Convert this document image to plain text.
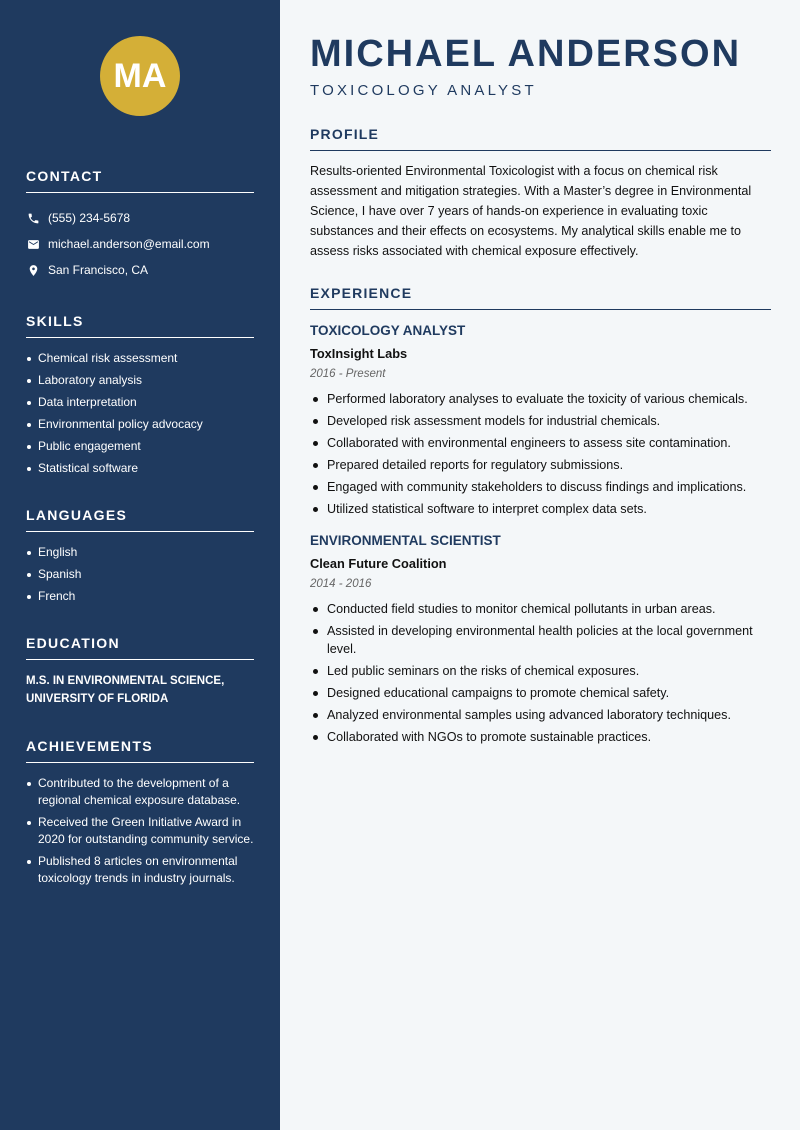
MA
CONTACT
(555) 234-5678
michael.anderson@email.com
San Francisco, CA
SKILLS
Chemical risk assessment
Laboratory analysis
Data interpretation
Environmental policy advocacy
Public engagement
Statistical software
LANGUAGES
English
Spanish
French
EDUCATION
M.S. IN ENVIRONMENTAL SCIENCE,
UNIVERSITY OF FLORIDA
ACHIEVEMENTS
Contributed to the development of a regional chemical exposure database.
Received the Green Initiative Award in 2020 for outstanding community service.
Published 8 articles on environmental toxicology trends in industry journals.
MICHAEL ANDERSON
TOXICOLOGY ANALYST
PROFILE

Results-oriented Environmental Toxicologist with a focus on chemical risk assessment and mitigation strategies. With a Master’s degree in Environmental Science, I have over 7 years of hands-on experience in evaluating toxic substances and their effects on ecosystems. My analytical skills enable me to assess risks associated with chemical exposure effectively.

EXPERIENCE
TOXICOLOGY ANALYST
ToxInsight Labs
2016 - Present
Performed laboratory analyses to evaluate the toxicity of various chemicals.
Developed risk assessment models for industrial chemicals.
Collaborated with environmental engineers to assess site contamination.
Prepared detailed reports for regulatory submissions.
Engaged with community stakeholders to discuss findings and implications.
Utilized statistical software to interpret complex data sets.
ENVIRONMENTAL SCIENTIST
Clean Future Coalition
2014 - 2016
Conducted field studies to monitor chemical pollutants in urban areas.
Assisted in developing environmental health policies at the local government level.
Led public seminars on the risks of chemical exposures.
Designed educational campaigns to promote chemical safety.
Analyzed environmental samples using advanced laboratory techniques.
Collaborated with NGOs to promote sustainable practices.
